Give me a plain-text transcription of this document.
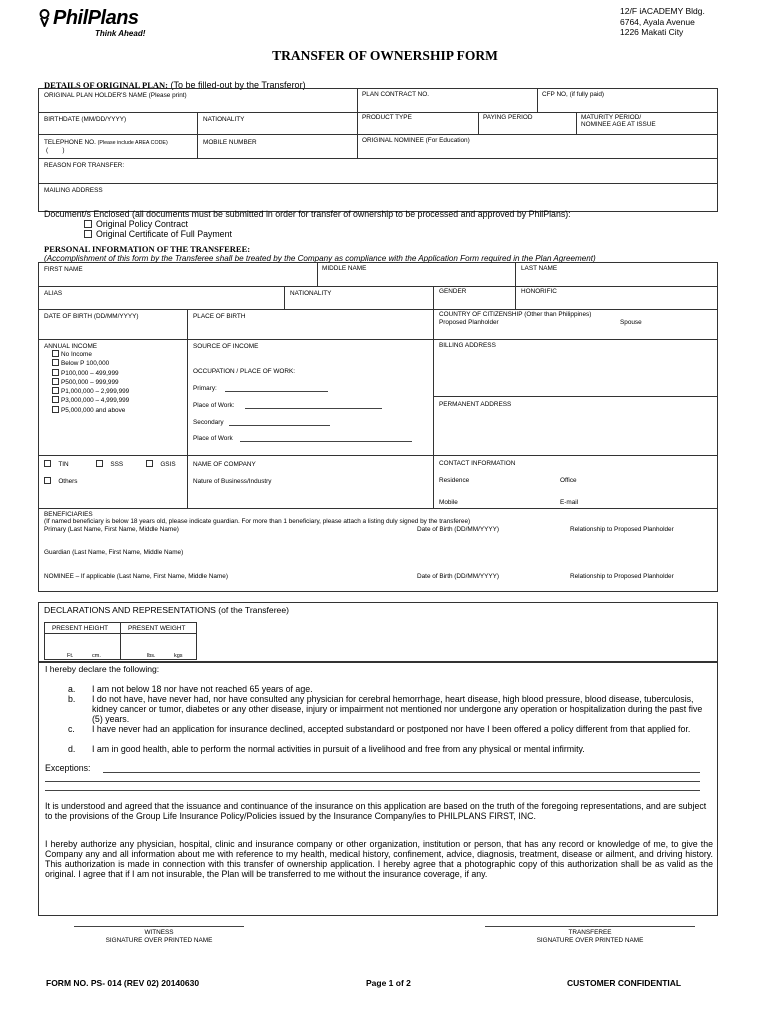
PhilPlans
Think Ahead!
12/F iACADEMY Bldg.
6764, Ayala Avenue
1226 Makati City
TRANSFER OF OWNERSHIP FORM
DETAILS OF ORIGINAL PLAN: (To be filled-out by the Transferor)
ORIGINAL PLAN HOLDER'S NAME (Please print)	PLAN CONTRACT NO.	CFP NO, (if fully paid)
BIRTHDATE (MM/DD/YYYY)	NATIONALITY	PRODUCT TYPE	PAYING PERIOD	MATURITY PERIOD/
NOMINEE AGE AT ISSUE
TELEPHONE NO. (Please include AREA CODE)
(        )
MOBILE NUMBER	ORIGINAL NOMINEE (For Education)
REASON FOR TRANSFER:
MAILING ADDRESS
Document/s Enclosed (all documents must be submitted in order for transfer of ownership to be processed and approved by PhilPlans):
Original Policy Contract
Original Certificate of Full Payment
PERSONAL INFORMATION OF THE TRANSFEREE:
(Accomplishment of this form by the Transferee shall be treated by the Company as compliance with the Application Form required in the Plan Agreement)
FIRST NAME	MIDDLE NAME	LAST NAME
ALIAS	NATIONALITY	GENDER	HONORIFIC
DATE OF BIRTH (DD/MM/YYYY)	PLACE OF BIRTH	COUNTRY OF CITIZENSHIP (Other than Philippines)
Proposed Planholder	Spouse
ANNUAL INCOME
No Income
Below P 100,000
P100,000 – 499,999
P500,000 – 999,999
P1,000,000 – 2,999,999
P3,000,000 – 4,999,999
P5,000,000 and above
SOURCE OF INCOME	BILLING ADDRESS
OCCUPATION / PLACE OF WORK:
Primary:
Place of Work:	PERMANENT ADDRESS
Secondary
Place of Work
TIN	SSS	GSIS
Others
NAME OF COMPANY
Nature of Business/Industry
CONTACT INFORMATION
Residence	Office
Mobile	E-mail
BENEFICIARIES
(If named beneficiary is below 18 years old, please indicate guardian. For more than 1 beneficiary, please attach a listing duly signed by the transferee)
Primary (Last Name, First Name, Middle Name)	Date of Birth (DD/MM/YYYY)	Relationship to Proposed Planholder
Guardian (Last Name, First Name, Middle Name)
NOMINEE – If applicable (Last Name, First Name, Middle Name)	Date of Birth (DD/MM/YYYY)	Relationship to Proposed Planholder
DECLARATIONS AND REPRESENTATIONS (of the Transferee)
PRESENT HEIGHT	PRESENT WEIGHT
Ft.	cm.	lbs.	kgs
I hereby declare the following:
a. I am not below 18 nor have not reached 65 years of age.
b. I do not have, have never had, nor have consulted any physician for cerebral hemorrhage, heart disease, high blood pressure, blood disease, tuberculosis, kidney cancer or tumor, diabetes or any other disease, injury or impairment not mentioned nor undergone any operation or hospitalization during the past five (5) years.
c. I have never had an application for insurance declined, accepted substandard or postponed nor have I been offered a policy different from that applied for.
d. I am in good health, able to perform the normal activities in pursuit of a livelihood and free from any physical or mental infirmity.
Exceptions:
It is understood and agreed that the issuance and continuance of the insurance on this application are based on the truth of the foregoing representations, and are subject to the provisions of the Group Life Insurance Policy/Policies issued by the Insurance Company/ies to PHILPLANS FIRST, INC.
I hereby authorize any physician, hospital, clinic and insurance company or other organization, institution or person, that has any record or knowledge of me, to give the Company any and all information about me with reference to my health, medical history, confinement, advice, diagnosis, treatment, disease or ailment, and driving history. This authorization is made in connection with this transfer of ownership application. I hereby agree that a photographic copy of this authorization shall be as valid as the original. I agree that if I am not insurable, the Plan will be transferred to me without the insurance coverage, if any.
WITNESS
SIGNATURE OVER PRINTED NAME
TRANSFEREE
SIGNATURE OVER PRINTED NAME
FORM NO. PS- 014 (REV 02) 20140630	Page 1 of 2	CUSTOMER CONFIDENTIAL
